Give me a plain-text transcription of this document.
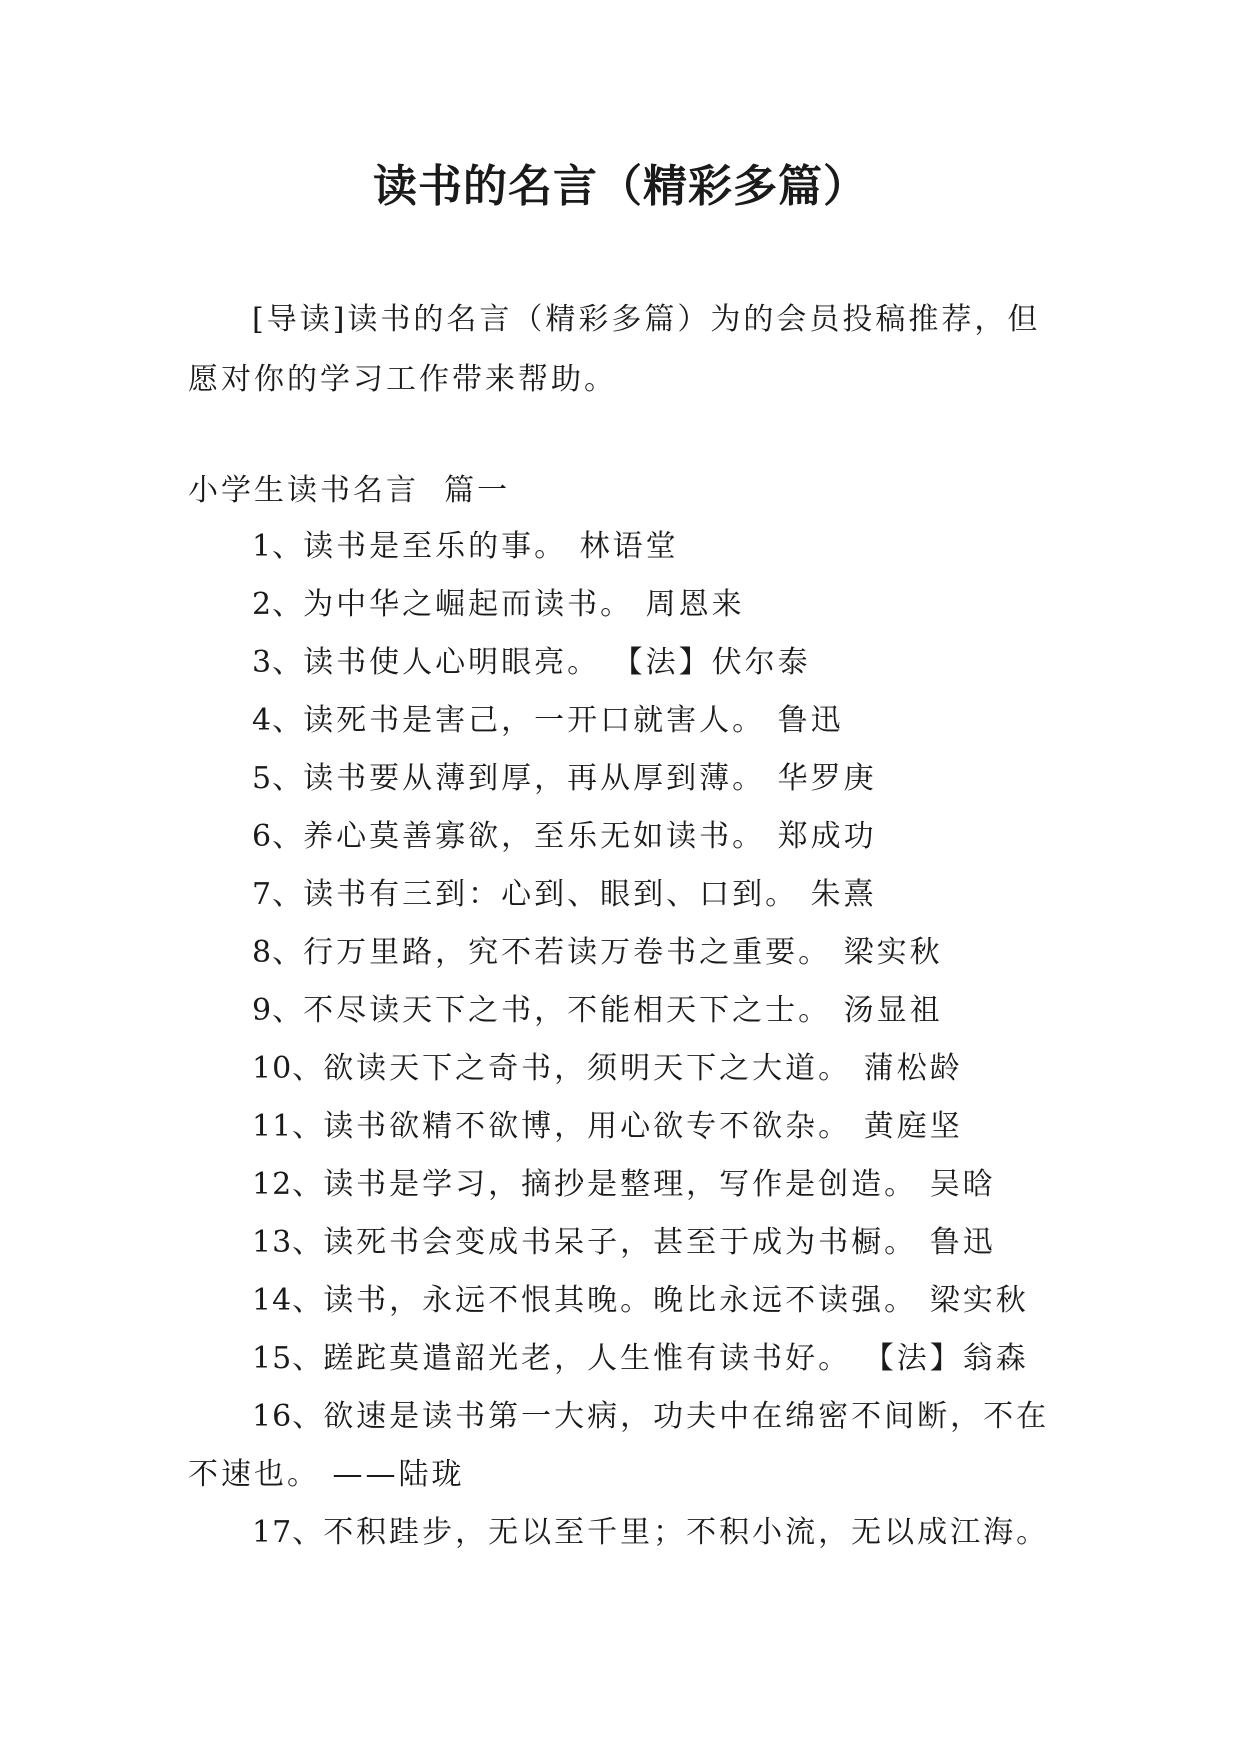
读书的名言（精彩多篇）

[导读]读书的名言（精彩多篇）为的会员投稿推荐，但愿对你的学习工作带来帮助。

小学生读书名言  篇一

1、读书是至乐的事。 林语堂
2、为中华之崛起而读书。 周恩来
3、读书使人心明眼亮。 【法】伏尔泰
4、读死书是害己，一开口就害人。 鲁迅
5、读书要从薄到厚，再从厚到薄。 华罗庚
6、养心莫善寡欲，至乐无如读书。 郑成功
7、读书有三到：心到、眼到、口到。 朱熹
8、行万里路，究不若读万卷书之重要。 梁实秋
9、不尽读天下之书，不能相天下之士。 汤显祖
10、欲读天下之奇书，须明天下之大道。 蒲松龄
11、读书欲精不欲博，用心欲专不欲杂。 黄庭坚
12、读书是学习，摘抄是整理，写作是创造。 吴晗
13、读死书会变成书呆子，甚至于成为书橱。 鲁迅
14、读书，永远不恨其晚。晚比永远不读强。 梁实秋
15、蹉跎莫遣韶光老，人生惟有读书好。 【法】翁森
16、欲速是读书第一大病，功夫中在绵密不间断，不在不速也。 ——陆珑
17、不积跬步，无以至千里；不积小流，无以成江海。
